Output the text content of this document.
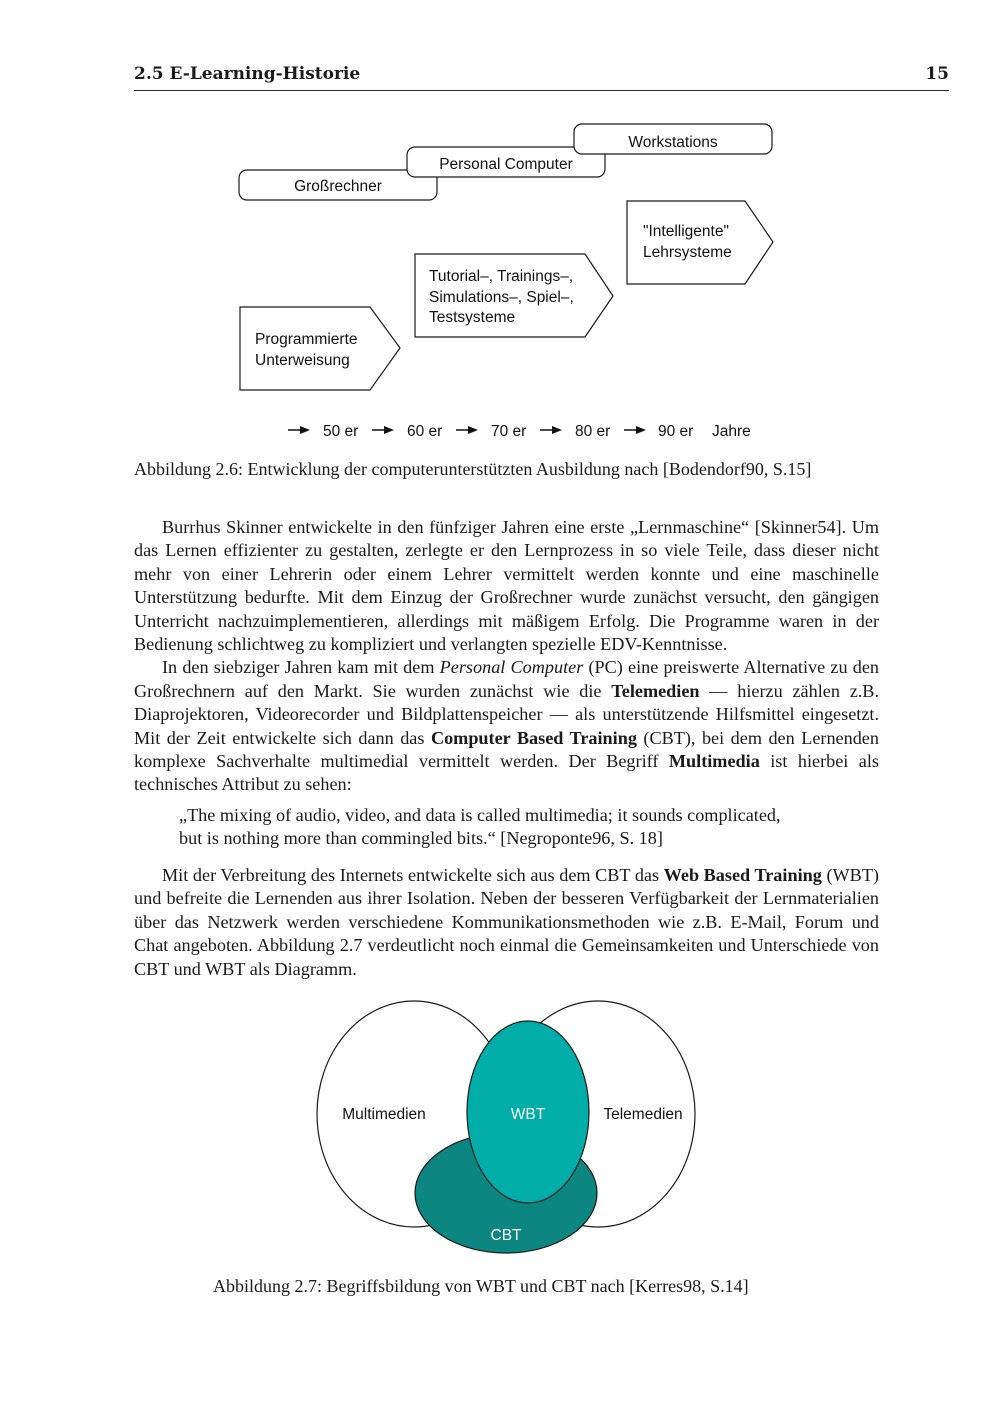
2.5 E-Learning-Historie	15
Großrechner
Personal Computer
Workstations
Programmierte
Unterweisung
Tutorial–, Trainings–,
Simulations–, Spiel–,
Testsysteme
"Intelligente"
Lehrsysteme
50 er	60 er	70 er	80 er	90 er Jahre
Abbildung 2.6: Entwicklung der computerunterstützten Ausbildung nach [Bodendorf90, S.15]

Burrhus Skinner entwickelte in den fünfziger Jahren eine erste „Lernmaschine“ [Skinner54]. Um das Lernen effizienter zu gestalten, zerlegte er den Lernprozess in so viele Teile, dass dieser nicht mehr von einer Lehrerin oder einem Lehrer vermittelt werden konnte und eine maschinelle Unterstützung bedurfte. Mit dem Einzug der Großrechner wurde zunächst versucht, den gängigen Unterricht nachzuimplementieren, allerdings mit mäßigem Erfolg. Die Programme waren in der Bedienung schlichtweg zu kompliziert und verlangten spezielle EDV-Kenntnisse.

In den siebziger Jahren kam mit dem Personal Computer (PC) eine preiswerte Alternative zu den Großrechnern auf den Markt. Sie wurden zunächst wie die Telemedien — hierzu zählen z.B. Diaprojektoren, Videorecorder und Bildplattenspeicher — als unterstützende Hilfsmittel eingesetzt. Mit der Zeit entwickelte sich dann das Computer Based Training (CBT), bei dem den Lernenden komplexe Sachverhalte multimedial vermittelt werden. Der Begriff Multimedia ist hierbei als technisches Attribut zu sehen:

„The mixing of audio, video, and data is called multimedia; it sounds complicated,
but is nothing more than commingled bits.“ [Negroponte96, S. 18]

Mit der Verbreitung des Internets entwickelte sich aus dem CBT das Web Based Training (WBT) und befreite die Lernenden aus ihrer Isolation. Neben der besseren Verfügbarkeit der Lernmaterialien über das Netzwerk werden verschiedene Kommunikationsmethoden wie z.B. E-Mail, Forum und Chat angeboten. Abbildung 2.7 verdeutlicht noch einmal die Gemeinsamkeiten und Unterschiede von CBT und WBT als Diagramm.

Multimedien	WBT	Telemedien
CBT
Abbildung 2.7: Begriffsbildung von WBT und CBT nach [Kerres98, S.14]
